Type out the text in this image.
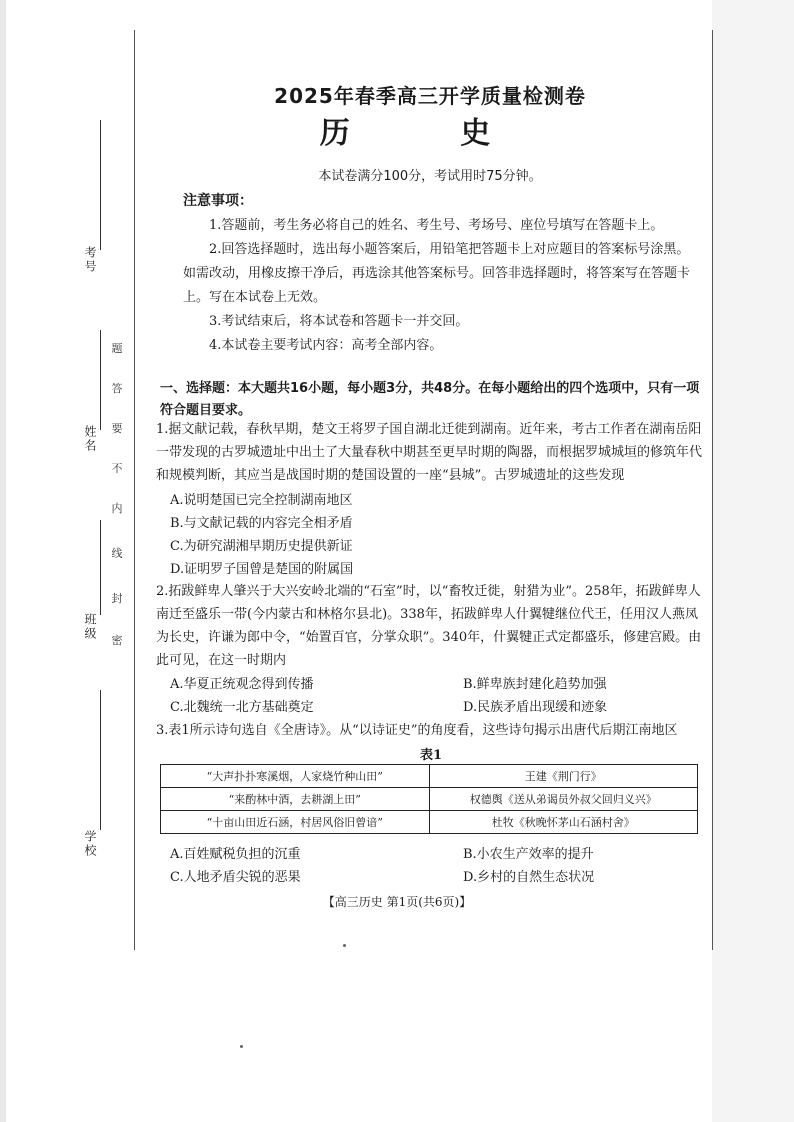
考号
姓名
班级
学校
题
答
要
不
内
线
封
密
2025年春季高三开学质量检测卷
历 史
本试卷满分100分，考试用时75分钟。
注意事项：

1.答题前，考生务必将自己的姓名、考生号、考场号、座位号填写在答题卡上。

2.回答选择题时，选出每小题答案后，用铅笔把答题卡上对应题目的答案标号涂黑。如需改动，用橡皮擦干净后，再选涂其他答案标号。回答非选择题时，将答案写在答题卡上。写在本试卷上无效。

3.考试结束后，将本试卷和答题卡一并交回。

4.本试卷主要考试内容：高考全部内容。

一、选择题：本大题共16小题，每小题3分，共48分。在每小题给出的四个选项中，只有一项符合题目要求。

1.据文献记载，春秋早期，楚文王将罗子国自湖北迁徙到湖南。近年来，考古工作者在湖南岳阳一带发现的古罗城遗址中出土了大量春秋中期甚至更早时期的陶器，而根据罗城城垣的修筑年代和规模判断，其应当是战国时期的楚国设置的一座“县城”。古罗城遗址的这些发现

A.说明楚国已完全控制湖南地区
B.与文献记载的内容完全相矛盾
C.为研究湖湘早期历史提供新证
D.证明罗子国曾是楚国的附属国

2.拓跋鲜卑人肇兴于大兴安岭北端的“石室”时，以“畜牧迁徙，射猎为业”。258年，拓跋鲜卑人南迁至盛乐一带(今内蒙古和林格尔县北)。338年，拓跋鲜卑人什翼犍继位代王，任用汉人燕凤为长史，许谦为郎中令，“始置百官，分掌众职”。340年，什翼犍正式定都盛乐，修建宫殿。由此可见，在这一时期内

A.华夏正统观念得到传播	B.鲜卑族封建化趋势加强
C.北魏统一北方基础奠定	D.民族矛盾出现缓和迹象

3.表1所示诗句选自《全唐诗》。从“以诗证史”的角度看，这些诗句揭示出唐代后期江南地区

表1
“大声扑扑寒溪烟，人家烧竹种山田”	王建《荆门行》
“来酌林中酒，去耕湖上田”	权德舆《送从弟谒员外叔父回归义兴》
“十亩山田近石涵，村居风俗旧曾谙”	杜牧《秋晚怀茅山石涵村舍》
A.百姓赋税负担的沉重	B.小农生产效率的提升
C.人地矛盾尖锐的恶果	D.乡村的自然生态状况
【高三历史 第1页(共6页)】
